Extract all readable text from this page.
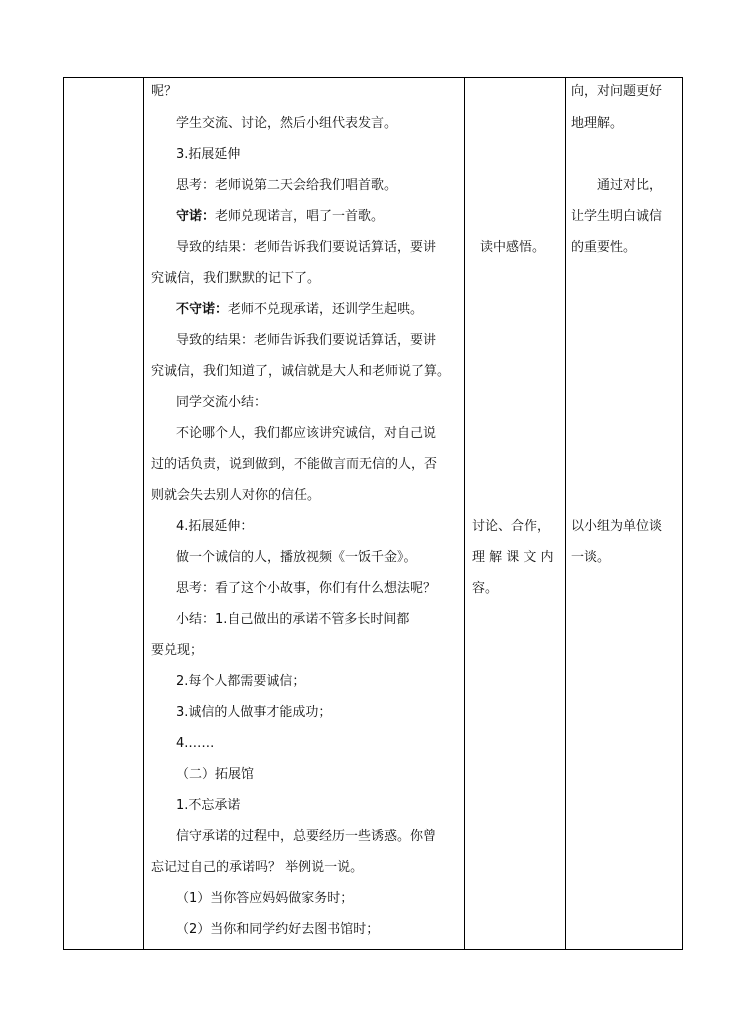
呢？
学生交流、讨论，然后小组代表发言。
3.拓展延伸
思考：老师说第二天会给我们唱首歌。
守诺：老师兑现诺言，唱了一首歌。
导致的结果：老师告诉我们要说话算话，要讲
究诚信，我们默默的记下了。
不守诺：老师不兑现承诺，还训学生起哄。
导致的结果：老师告诉我们要说话算话，要讲
究诚信，我们知道了，诚信就是大人和老师说了算。
同学交流小结：
不论哪个人，我们都应该讲究诚信，对自己说
过的话负责，说到做到，不能做言而无信的人，否
则就会失去别人对你的信任。
4.拓展延伸：
做一个诚信的人，播放视频《一饭千金》。
思考：看了这个小故事，你们有什么想法呢？
小结：1.自己做出的承诺不管多长时间都
要兑现；
2.每个人都需要诚信；
3.诚信的人做事才能成功；
4.……
（二）拓展馆
1.不忘承诺
信守承诺的过程中，总要经历一些诱惑。你曾
忘记过自己的承诺吗？ 举例说一说。
（1）当你答应妈妈做家务时；
（2）当你和同学约好去图书馆时；
读中感悟。
讨论、合作，
理 解 课 文 内
容。
向，对问题更好
地理解。
通过对比，
让学生明白诚信
的重要性。
以小组为单位谈
一谈。
